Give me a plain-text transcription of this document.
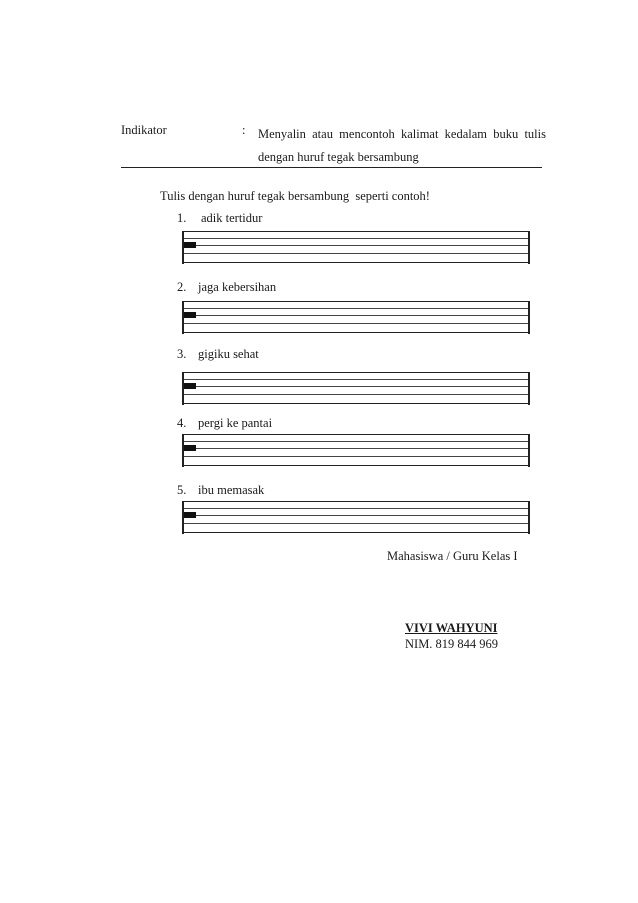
Indikator	: Menyalin atau mencontoh kalimat kedalam buku tulis dengan huruf tegak bersambung
Tulis dengan huruf tegak bersambung  seperti contoh!
1. adik tertidur
2. jaga kebersihan
3. gigiku sehat
4. pergi ke pantai
5. ibu memasak
Mahasiswa / Guru Kelas I
VIVI WAHYUNI
NIM. 819 844 969
